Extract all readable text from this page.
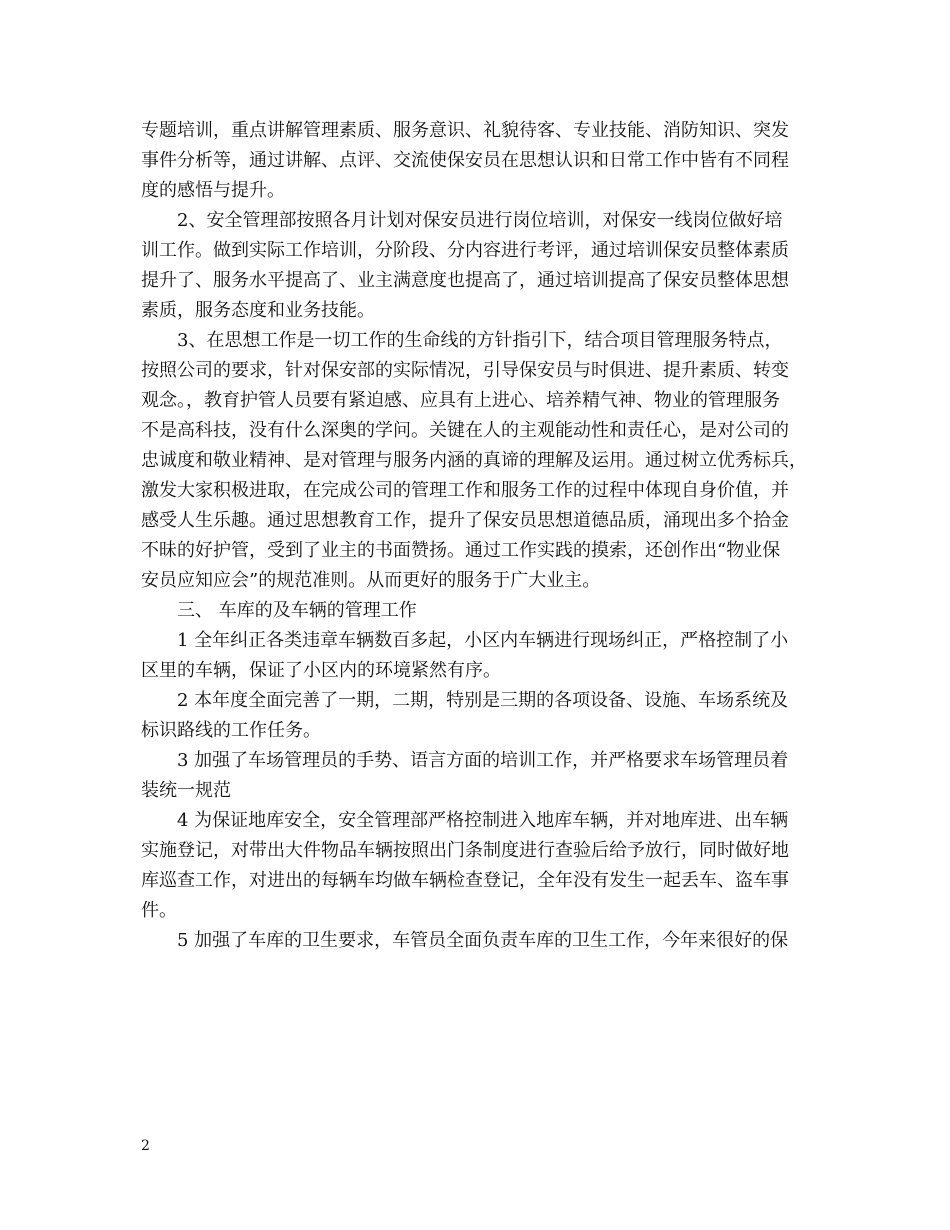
专题培训，重点讲解管理素质、服务意识、礼貌待客、专业技能、消防知识、突发
事件分析等，通过讲解、点评、交流使保安员在思想认识和日常工作中皆有不同程
度的感悟与提升。
2、安全管理部按照各月计划对保安员进行岗位培训，对保安一线岗位做好培
训工作。做到实际工作培训，分阶段、分内容进行考评，通过培训保安员整体素质
提升了、服务水平提高了、业主满意度也提高了，通过培训提高了保安员整体思想
素质，服务态度和业务技能。
3、在思想工作是一切工作的生命线的方针指引下，结合项目管理服务特点，
按照公司的要求，针对保安部的实际情况，引导保安员与时俱进、提升素质、转变
观念。，教育护管人员要有紧迫感、应具有上进心、培养精气神、物业的管理服务
不是高科技，没有什么深奥的学问。关键在人的主观能动性和责任心，是对公司的
忠诚度和敬业精神、是对管理与服务内涵的真谛的理解及运用。通过树立优秀标兵，
激发大家积极进取，在完成公司的管理工作和服务工作的过程中体现自身价值，并
感受人生乐趣。通过思想教育工作，提升了保安员思想道德品质，涌现出多个拾金
不昧的好护管，受到了业主的书面赞扬。通过工作实践的摸索，还创作出“物业保
安员应知应会”的规范准则。从而更好的服务于广大业主。
三、 车库的及车辆的管理工作
1 全年纠正各类违章车辆数百多起，小区内车辆进行现场纠正，严格控制了小
区里的车辆，保证了小区内的环境紧然有序。
2 本年度全面完善了一期，二期，特别是三期的各项设备、设施、车场系统及
标识路线的工作任务。
3 加强了车场管理员的手势、语言方面的培训工作，并严格要求车场管理员着
装统一规范
4 为保证地库安全，安全管理部严格控制进入地库车辆，并对地库进、出车辆
实施登记，对带出大件物品车辆按照出门条制度进行查验后给予放行，同时做好地
库巡查工作，对进出的每辆车均做车辆检查登记，全年没有发生一起丢车、盗车事
件。
5 加强了车库的卫生要求，车管员全面负责车库的卫生工作，今年来很好的保
2
